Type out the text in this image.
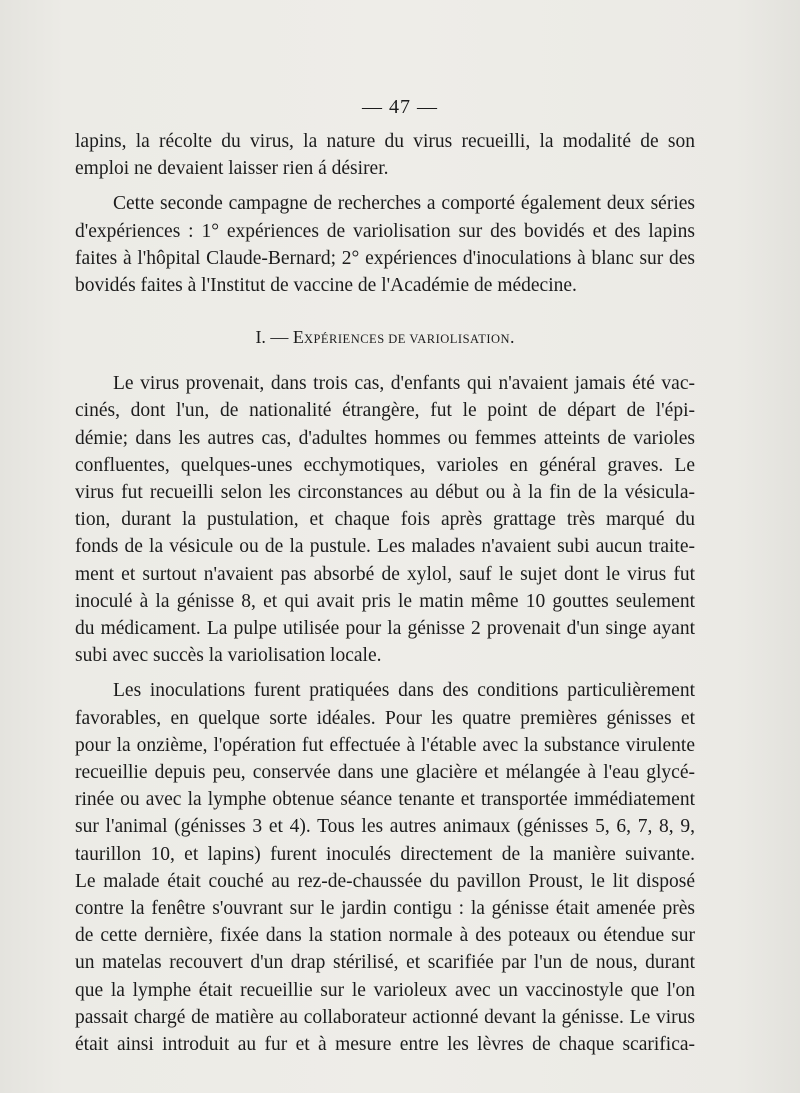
— 47 —

lapins, la récolte du virus, la nature du virus recueilli, la modalité de son

emploi ne devaient laisser rien á désirer.

Cette seconde campagne de recherches a comporté également deux séries

d'expériences : 1° expériences de variolisation sur des bovidés et des lapins

faites à l'hôpital Claude-Bernard; 2° expériences d'inoculations à blanc sur des

bovidés faites à l'Institut de vaccine de l'Académie de médecine.

I. — EXPÉRIENCES DE VARIOLISATION.

Le virus provenait, dans trois cas, d'enfants qui n'avaient jamais été vac-

cinés, dont l'un, de nationalité étrangère, fut le point de départ de l'épi-

démie; dans les autres cas, d'adultes hommes ou femmes atteints de varioles

confluentes, quelques-unes ecchymotiques, varioles en général graves. Le

virus fut recueilli selon les circonstances au début ou à la fin de la vésicula-

tion, durant la pustulation, et chaque fois après grattage très marqué du

fonds de la vésicule ou de la pustule. Les malades n'avaient subi aucun traite-

ment et surtout n'avaient pas absorbé de xylol, sauf le sujet dont le virus fut

inoculé à la génisse 8, et qui avait pris le matin même 10 gouttes seulement

du médicament. La pulpe utilisée pour la génisse 2 provenait d'un singe ayant

subi avec succès la variolisation locale.

Les inoculations furent pratiquées dans des conditions particulièrement

favorables, en quelque sorte idéales. Pour les quatre premières génisses et

pour la onzième, l'opération fut effectuée à l'étable avec la substance virulente

recueillie depuis peu, conservée dans une glacière et mélangée à l'eau glycé-

rinée ou avec la lymphe obtenue séance tenante et transportée immédiatement

sur l'animal (génisses 3 et 4). Tous les autres animaux (génisses 5, 6, 7, 8, 9,

taurillon 10, et lapins) furent inoculés directement de la manière suivante.

Le malade était couché au rez-de-chaussée du pavillon Proust, le lit disposé

contre la fenêtre s'ouvrant sur le jardin contigu : la génisse était amenée près

de cette dernière, fixée dans la station normale à des poteaux ou étendue sur

un matelas recouvert d'un drap stérilisé, et scarifiée par l'un de nous, durant

que la lymphe était recueillie sur le varioleux avec un vaccinostyle que l'on

passait chargé de matière au collaborateur actionné devant la génisse. Le virus

était ainsi introduit au fur et à mesure entre les lèvres de chaque scarifica-
